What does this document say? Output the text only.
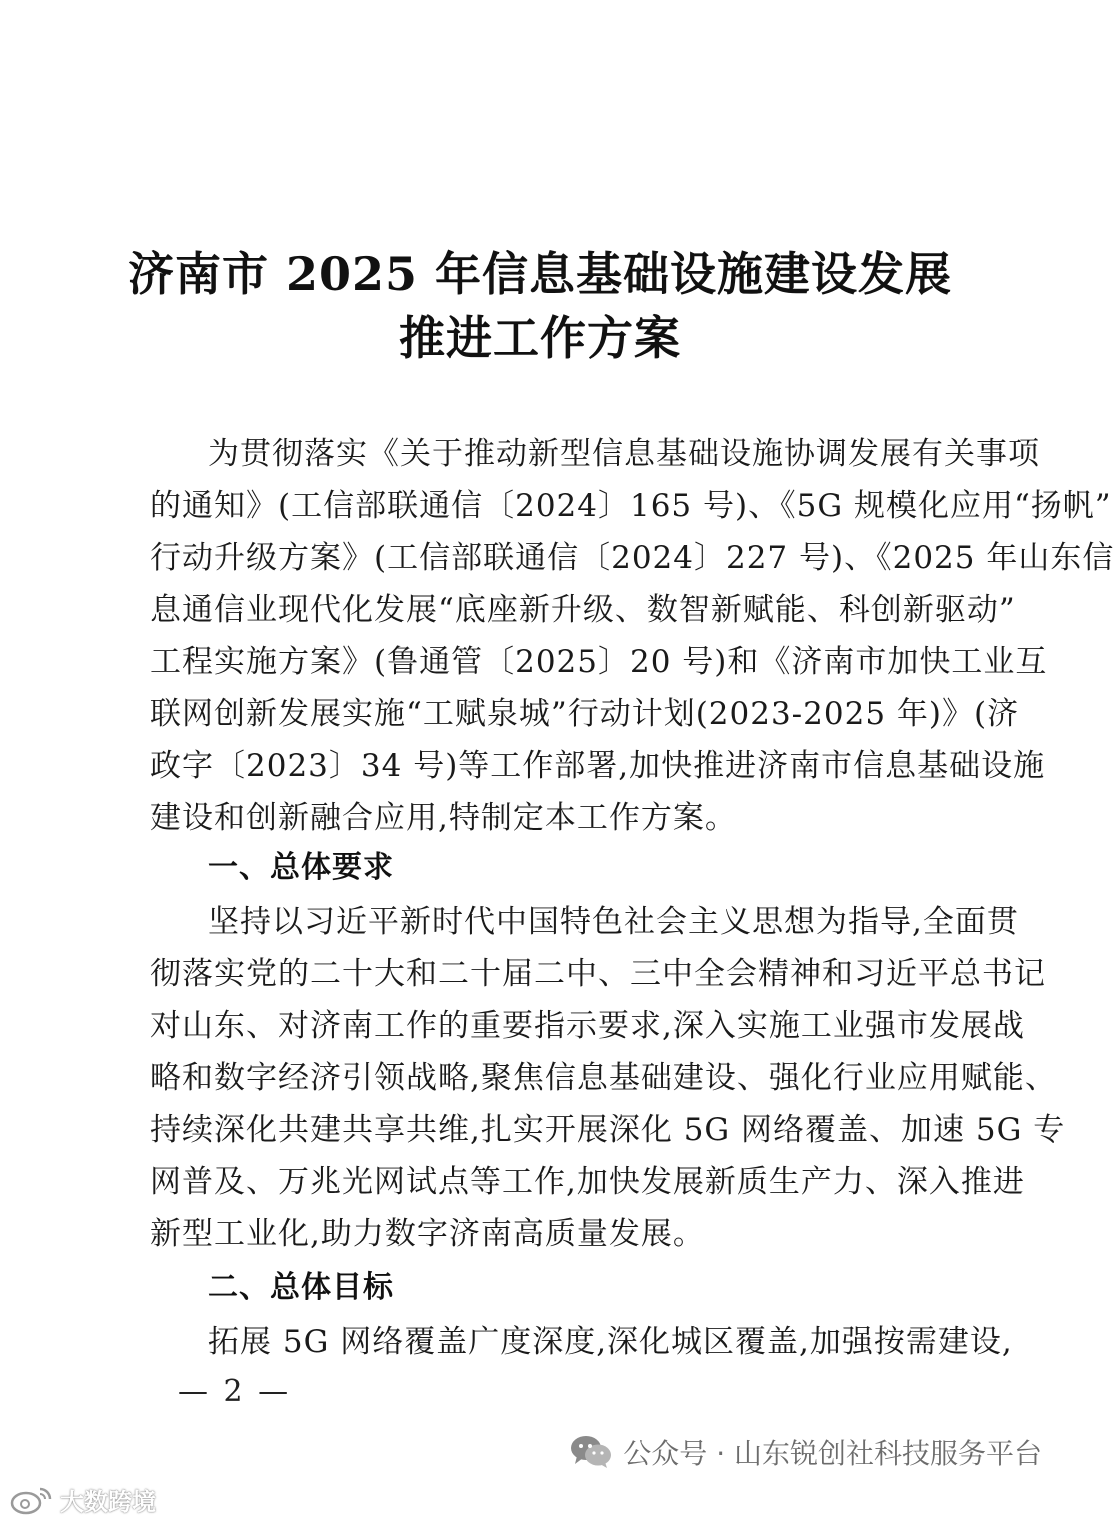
济南市 2025 年信息基础设施建设发展
推进工作方案
为贯彻落实《关于推动新型信息基础设施协调发展有关事项
的通知》(工信部联通信〔2024〕165 号)、《5G 规模化应用“扬帆”
行动升级方案》(工信部联通信〔2024〕227 号)、《2025 年山东信
息通信业现代化发展“底座新升级、数智新赋能、科创新驱动”
工程实施方案》(鲁通管〔2025〕20 号)和《济南市加快工业互
联网创新发展实施“工赋泉城”行动计划(2023-2025 年)》(济
政字〔2023〕34 号)等工作部署,加快推进济南市信息基础设施
建设和创新融合应用,特制定本工作方案。
一、总体要求
坚持以习近平新时代中国特色社会主义思想为指导,全面贯
彻落实党的二十大和二十届二中、三中全会精神和习近平总书记
对山东、对济南工作的重要指示要求,深入实施工业强市发展战
略和数字经济引领战略,聚焦信息基础建设、强化行业应用赋能、
持续深化共建共享共维,扎实开展深化 5G 网络覆盖、加速 5G 专
网普及、万兆光网试点等工作,加快发展新质生产力、深入推进
新型工业化,助力数字济南高质量发展。
二、总体目标
拓展 5G 网络覆盖广度深度,深化城区覆盖,加强按需建设,
— 2 —
公众号 · 山东锐创社科技服务平台
大数跨境
